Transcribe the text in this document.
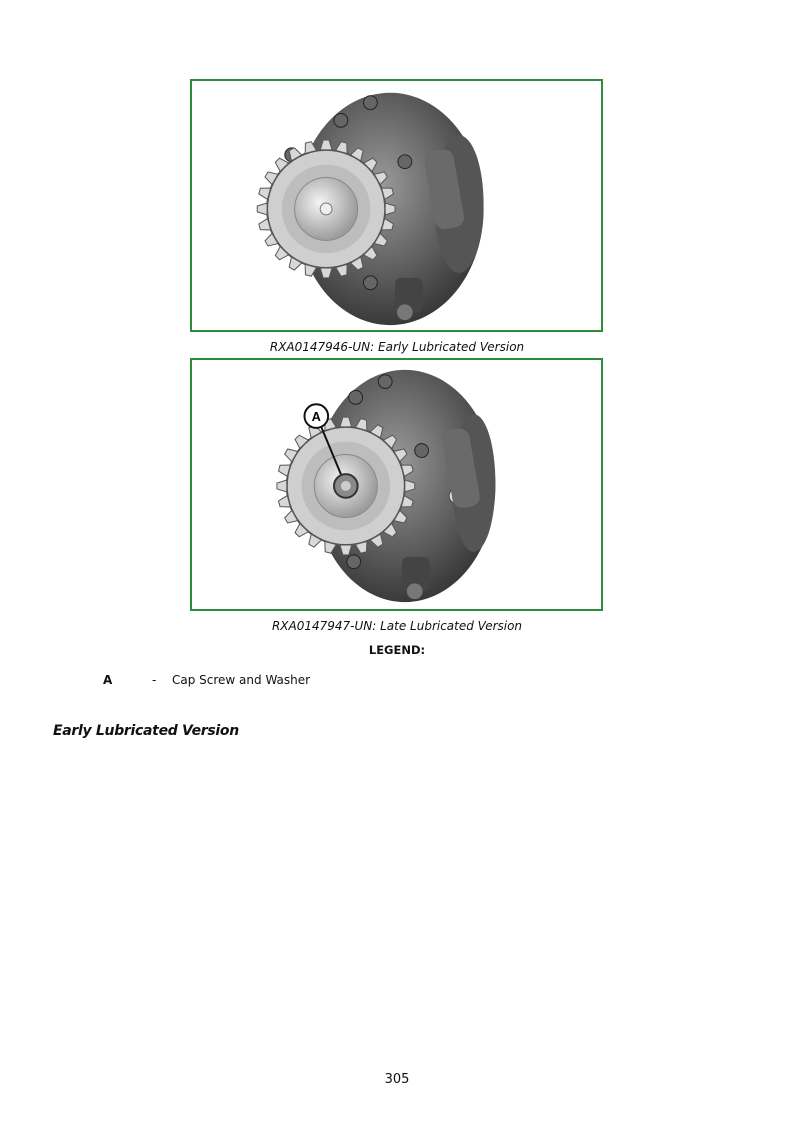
RXA0147946-UN: Early Lubricated Version
A
RXA0147947-UN: Late Lubricated Version
LEGEND:
A	- Cap Screw and Washer
Early Lubricated Version
305
